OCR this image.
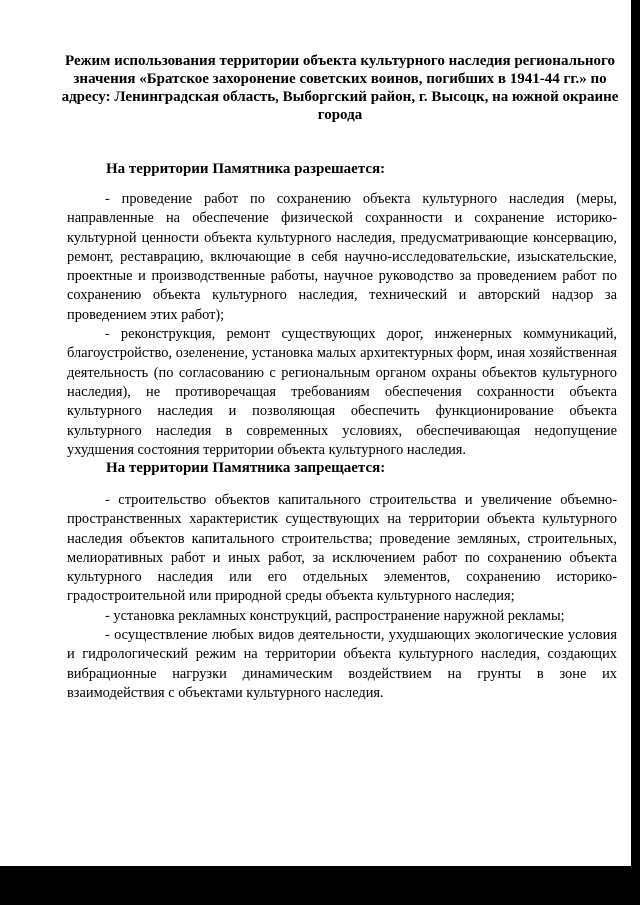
Режим использования территории объекта культурного наследия регионального значения «Братское захоронение советских воинов, погибших в 1941-44 гг.» по адресу: Ленинградская область, Выборгский район, г. Высоцк, на южной окраине города

На территории Памятника разрешается:

- проведение работ по сохранению объекта культурного наследия (меры, направленные на обеспечение физической сохранности и сохранение историко-культурной ценности объекта культурного наследия, предусматривающие консервацию, ремонт, реставрацию, включающие в себя научно-исследовательские, изыскательские, проектные и производственные работы, научное руководство за проведением работ по сохранению объекта культурного наследия, технический и авторский надзор за проведением этих работ);

- реконструкция, ремонт существующих дорог, инженерных коммуникаций, благоустройство, озеленение, установка малых архитектурных форм, иная хозяйственная деятельность (по согласованию с региональным органом охраны объектов культурного наследия), не противоречащая требованиям обеспечения сохранности объекта культурного наследия и позволяющая обеспечить функционирование объекта культурного наследия в современных условиях, обеспечивающая недопущение ухудшения состояния территории объекта культурного наследия.

На территории Памятника запрещается:

- строительство объектов капитального строительства и увеличение объемно-пространственных характеристик существующих на территории объекта культурного наследия объектов капитального строительства; проведение земляных, строительных, мелиоративных работ и иных работ, за исключением работ по сохранению объекта культурного наследия или его отдельных элементов, сохранению историко-градостроительной или природной среды объекта культурного наследия;

- установка рекламных конструкций, распространение наружной рекламы;

- осуществление любых видов деятельности, ухудшающих экологические условия и гидрологический режим на территории объекта культурного наследия, создающих вибрационные нагрузки динамическим воздействием на грунты в зоне их взаимодействия с объектами культурного наследия.
